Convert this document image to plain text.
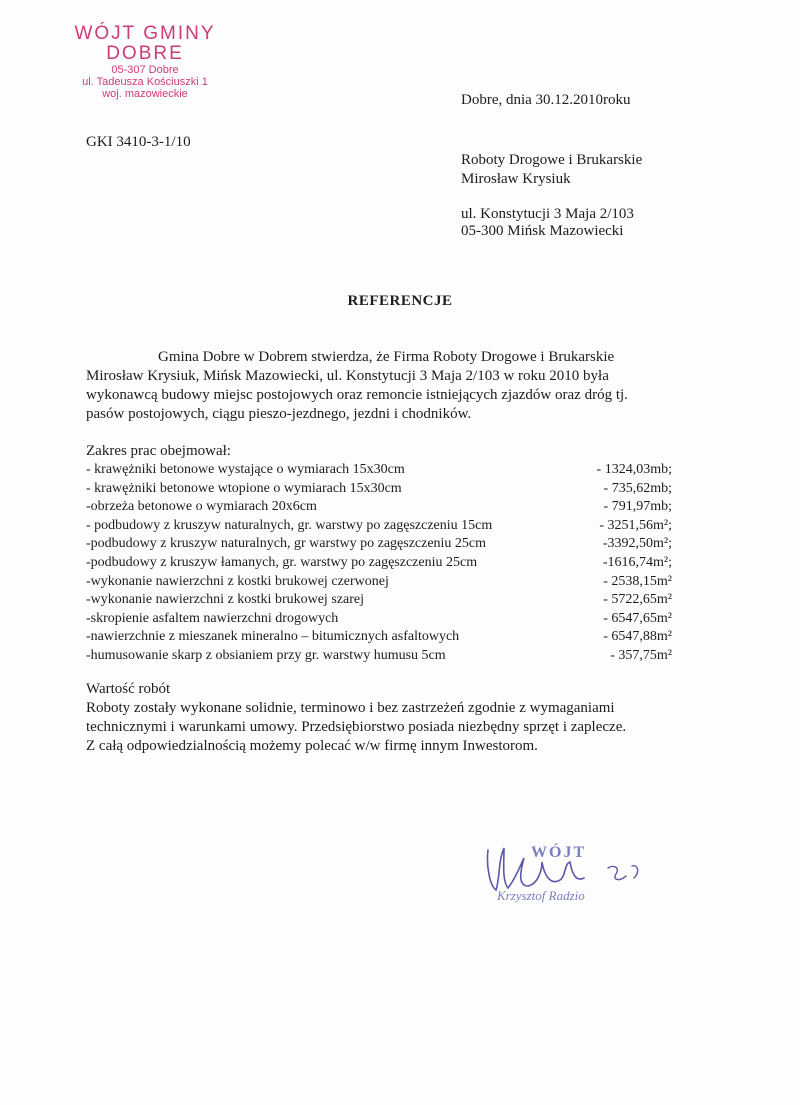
WÓJT GMINY
DOBRE
05-307 Dobre
ul. Tadeusza Kościuszki 1
woj. mazowieckie	Dobre, dnia 30.12.2010roku
GKI 3410-3-1/10
Roboty Drogowe i Brukarskie
Mirosław Krysiuk
ul. Konstytucji 3 Maja 2/103
05-300 Mińsk Mazowiecki
REFERENCJE
Gmina Dobre w Dobrem stwierdza, że Firma Roboty Drogowe i Brukarskie
Mirosław Krysiuk, Mińsk Mazowiecki, ul. Konstytucji 3 Maja 2/103 w roku 2010 była
wykonawcą budowy miejsc postojowych oraz remoncie istniejących zjazdów oraz dróg tj.
pasów postojowych, ciągu pieszo-jezdnego, jezdni i chodników.
Zakres prac obejmował:
- krawężniki betonowe wystające o wymiarach 15x30cm	- 1324,03mb;
- krawężniki betonowe wtopione o wymiarach 15x30cm	- 735,62mb;
-obrzeża betonowe o wymiarach 20x6cm	- 791,97mb;
- podbudowy z kruszyw naturalnych, gr. warstwy po zagęszczeniu 15cm	- 3251,56m²;
-podbudowy z kruszyw naturalnych, gr warstwy po zagęszczeniu 25cm	-3392,50m²;
-podbudowy z kruszyw łamanych, gr. warstwy po zagęszczeniu 25cm	-1616,74m²;
-wykonanie nawierzchni z kostki brukowej czerwonej	- 2538,15m²
-wykonanie nawierzchni z kostki brukowej szarej	- 5722,65m²
-skropienie asfaltem nawierzchni drogowych	- 6547,65m²
-nawierzchnie z mieszanek mineralno – bitumicznych asfaltowych	- 6547,88m²
-humusowanie skarp z obsianiem przy gr. warstwy humusu 5cm	- 357,75m²
Wartość robót
Roboty zostały wykonane solidnie, terminowo i bez zastrzeżeń zgodnie z wymaganiami
technicznymi i warunkami umowy. Przedsiębiorstwo posiada niezbędny sprzęt i zaplecze.
Z całą odpowiedzialnością możemy polecać w/w firmę innym Inwestorom.
WÓJT
Krzysztof Radzio
